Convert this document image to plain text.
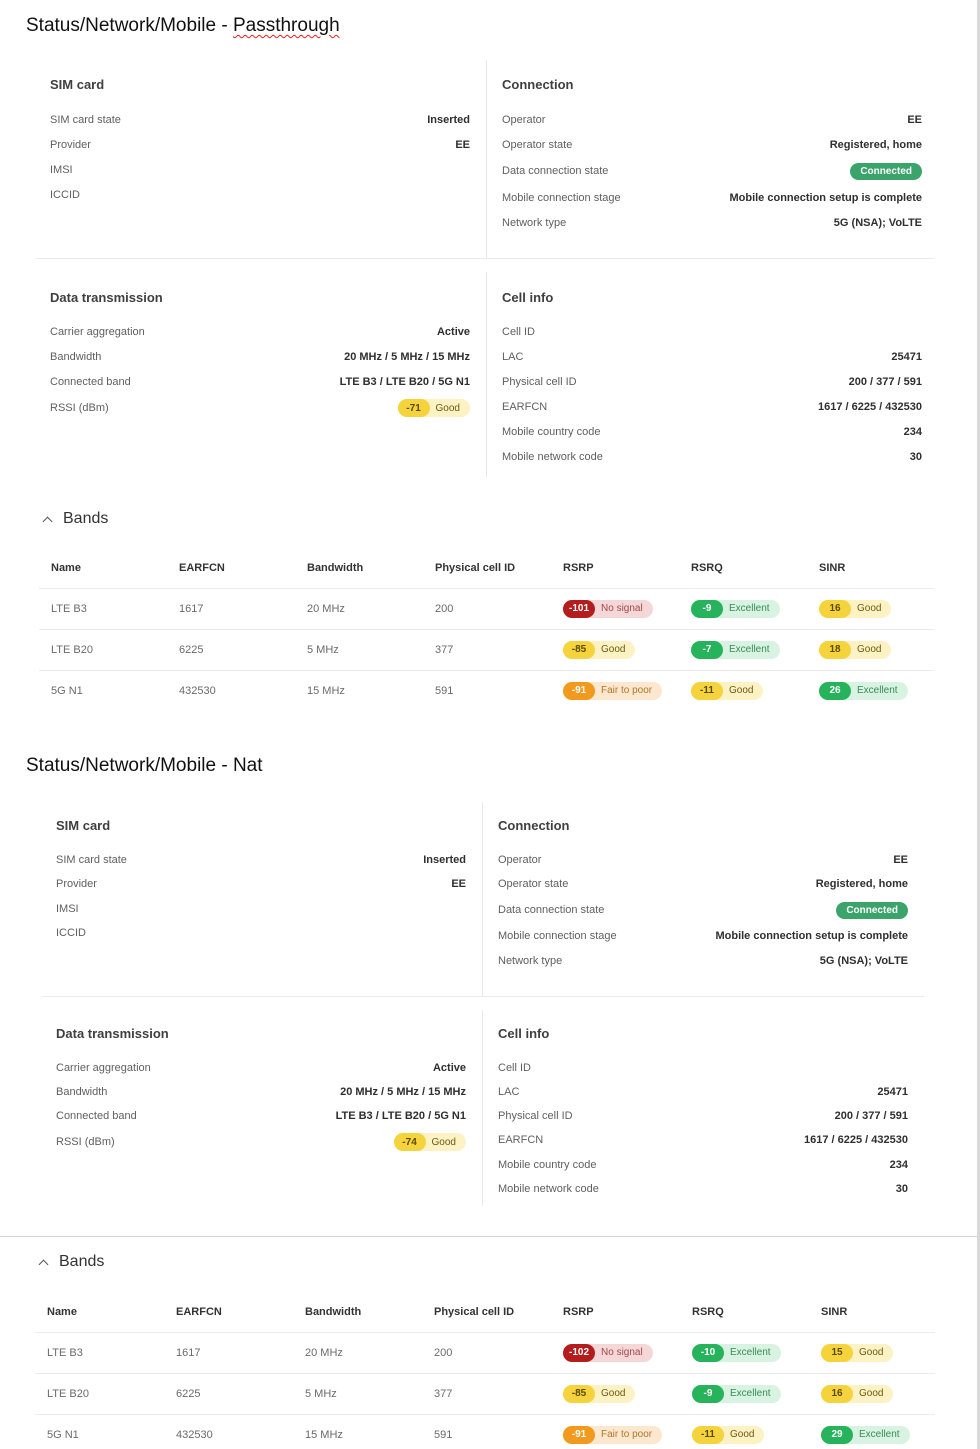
Status/Network/Mobile - Passthrough
SIM card
SIM card state	Inserted
Provider	EE
IMSI
ICCID
Connection
Operator	EE
Operator state	Registered, home
Data connection state	Connected
Mobile connection stage	Mobile connection setup is complete
Network type	5G (NSA); VoLTE
Data transmission
Carrier aggregation	Active
Bandwidth	20 MHz / 5 MHz / 15 MHz
Connected band	LTE B3 / LTE B20 / 5G N1
RSSI (dBm)	-71	Good
Cell info
Cell ID
LAC	25471
Physical cell ID	200 / 377 / 591
EARFCN	1617 / 6225 / 432530
Mobile country code	234
Mobile network code	30
Bands
Name	EARFCN	Bandwidth	Physical cell ID	RSRP	RSRQ	SINR
LTE B3	1617	20 MHz	200	-101 No signal	-9 Excellent	16 Good

LTE B20	6225	5 MHz	377	-85 Good	-7 Excellent	18 Good

5G N1	432530	15 MHz	591	-91 Fair to poor	-11 Good	26 Excellent
Status/Network/Mobile - Nat
SIM card
SIM card state	Inserted
Provider	EE
IMSI
ICCID
Connection
Operator	EE
Operator state	Registered, home
Data connection state	Connected
Mobile connection stage	Mobile connection setup is complete
Network type	5G (NSA); VoLTE
Data transmission
Carrier aggregation	Active
Bandwidth	20 MHz / 5 MHz / 15 MHz
Connected band	LTE B3 / LTE B20 / 5G N1
RSSI (dBm)	-74	Good
Cell info
Cell ID
LAC	25471
Physical cell ID	200 / 377 / 591
EARFCN	1617 / 6225 / 432530
Mobile country code	234
Mobile network code	30
Bands
Name	EARFCN	Bandwidth	Physical cell ID	RSRP	RSRQ	SINR
LTE B3	1617	20 MHz	200	-102 No signal	-10 Excellent	15 Good

LTE B20	6225	5 MHz	377	-85 Good	-9 Excellent	16 Good

5G N1	432530	15 MHz	591	-91 Fair to poor	-11 Good	29 Excellent
